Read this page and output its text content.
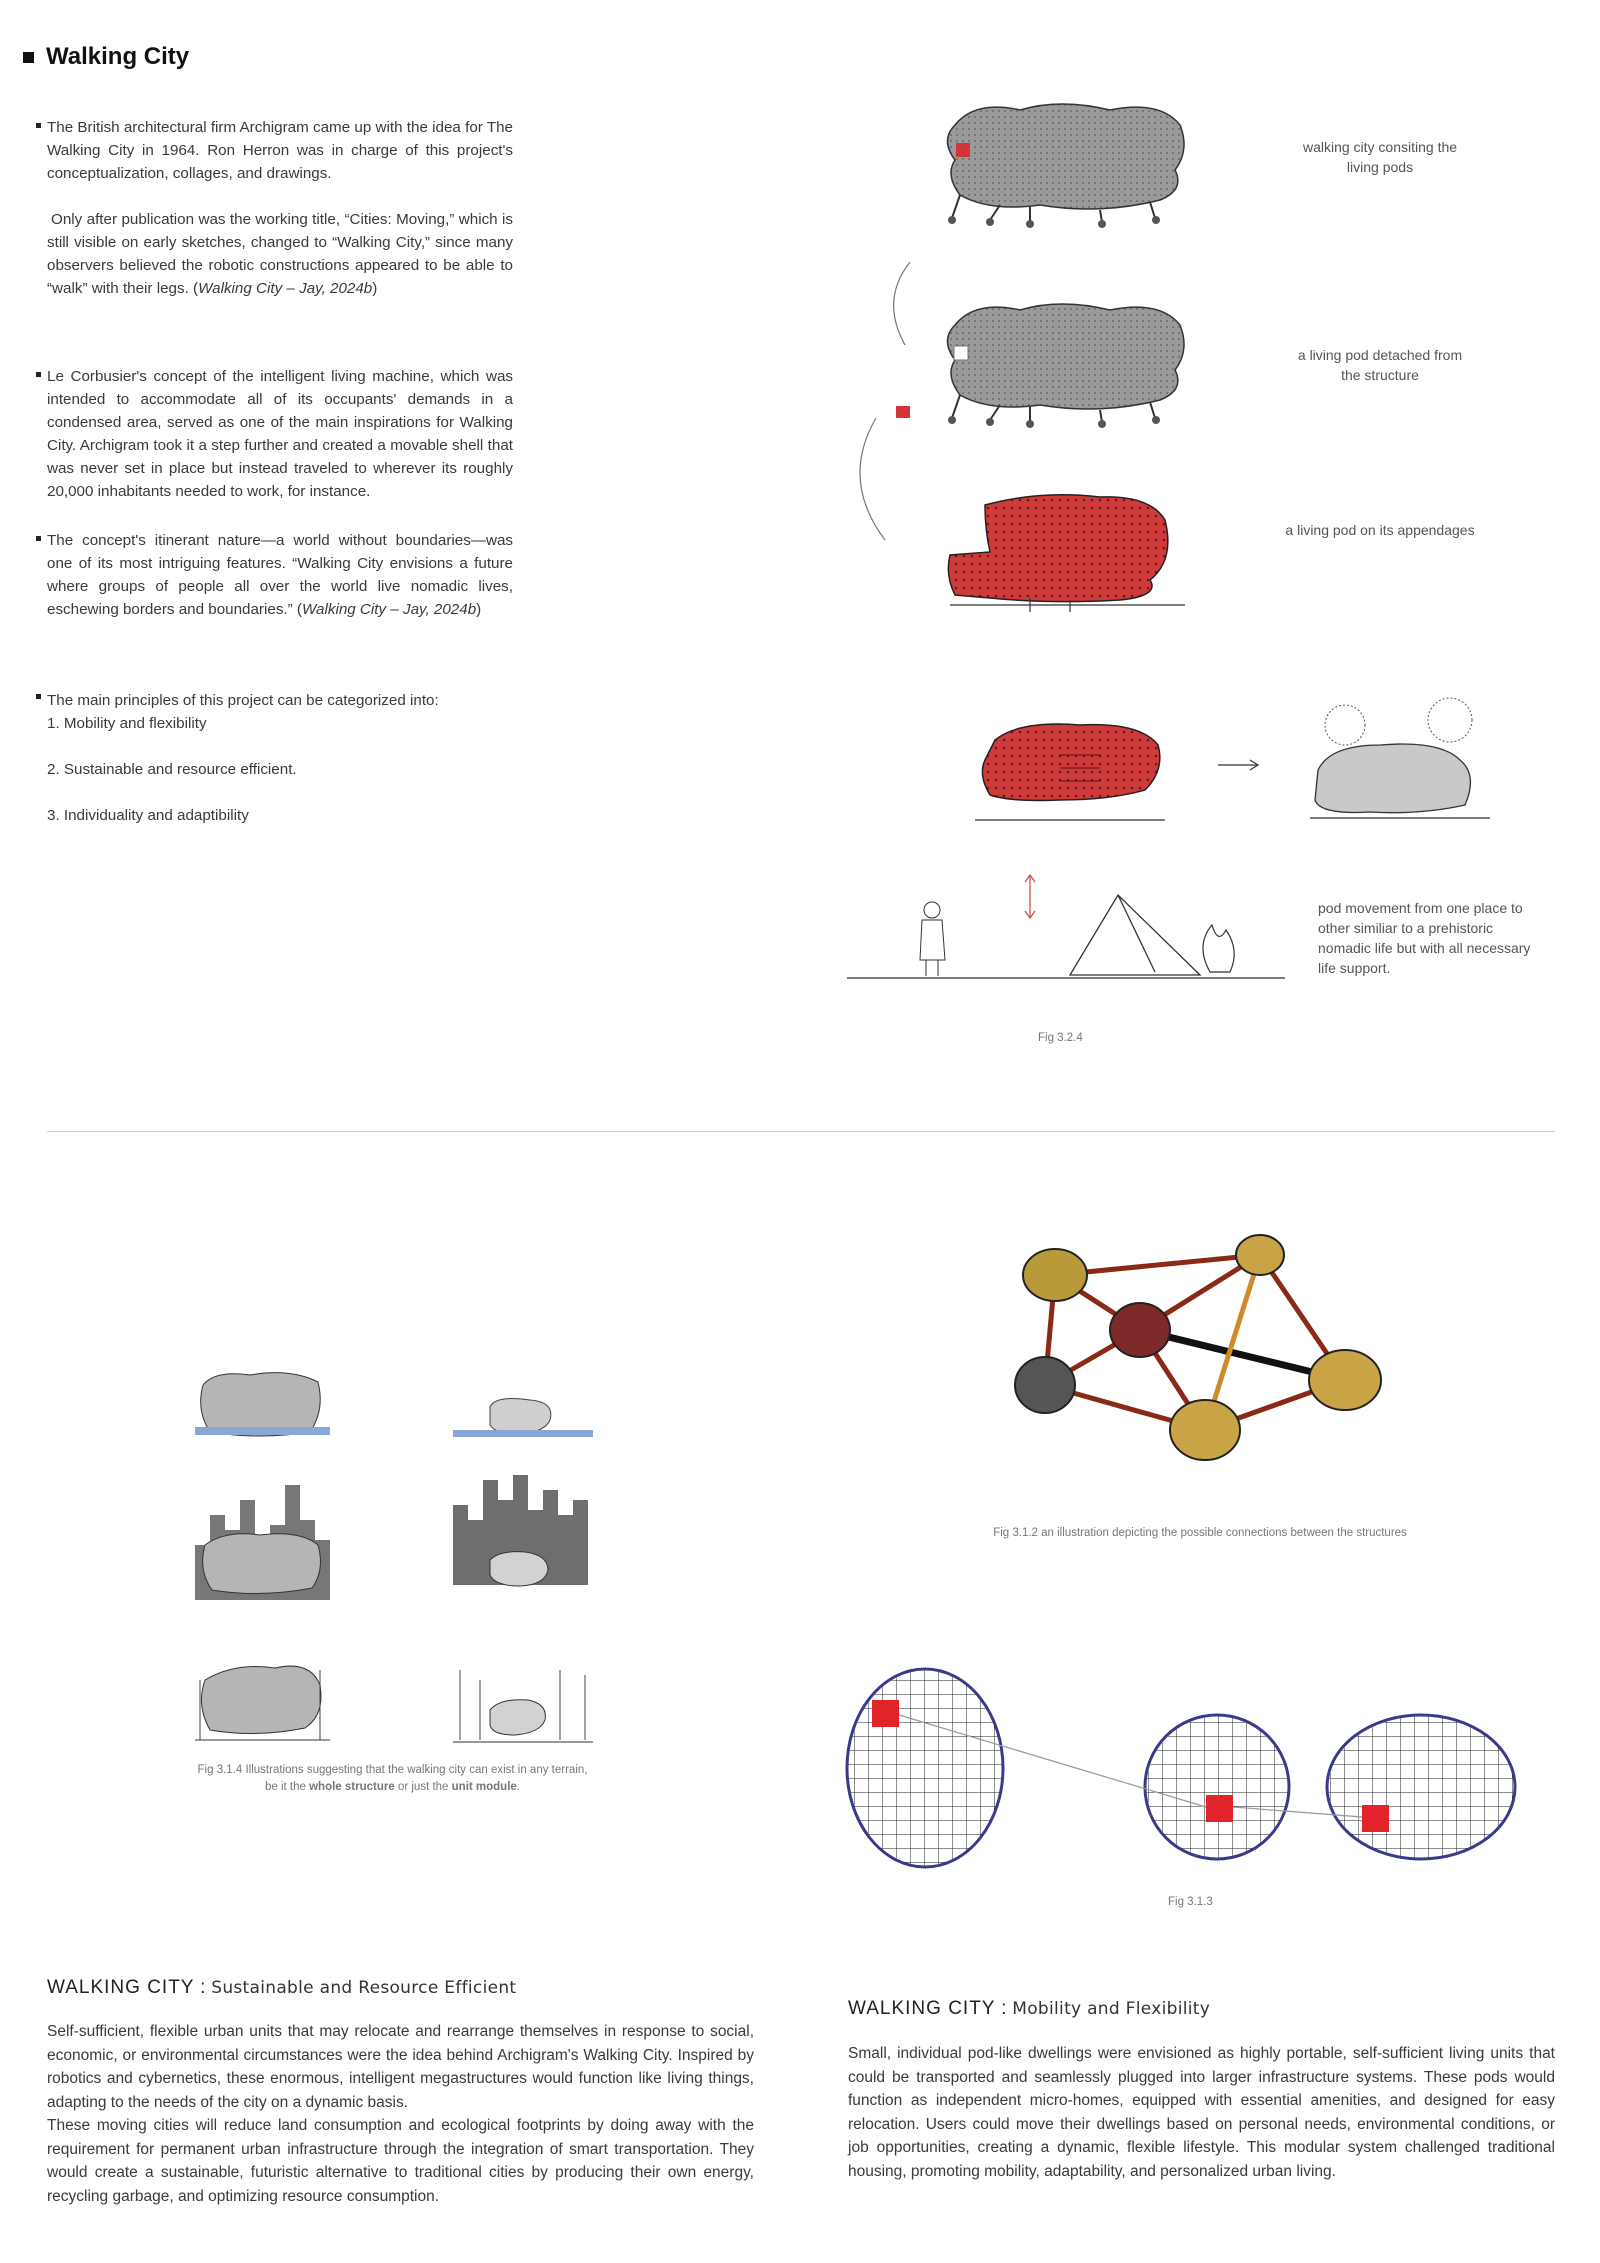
Walking City
The British architectural firm Archigram came up with the idea for The Walking City in 1964. Ron Herron was in charge of this project's conceptualization, collages, and drawings.
Only after publication was the working title, “Cities: Moving,” which is still visible on early sketches, changed to “Walking City,” since many observers believed the robotic constructions appeared to be able to “walk” with their legs. (Walking City – Jay, 2024b)
Le Corbusier's concept of the intelligent living machine, which was intended to accommodate all of its occupants' demands in a condensed area, served as one of the main inspirations for Walking City. Archigram took it a step further and created a movable shell that was never set in place but instead traveled to wherever its roughly 20,000 inhabitants needed to work, for instance.
The concept's itinerant nature—a world without boundaries—was one of its most intriguing features. “Walking City envisions a future where groups of people all over the world live nomadic lives, eschewing borders and boundaries.” (Walking City – Jay, 2024b)
The main principles of this project can be categorized into:
1. Mobility and flexibility
2. Sustainable and resource efficient.
3. Individuality and adaptibility
walking city consiting the living pods
a living pod detached from the structure
a living pod on its appendages
pod movement from one place to other similiar to a prehistoric nomadic life but with all necessary life support.
Fig 3.2.4
Fig 3.1.2 an illustration depicting the possible connections between the structures
Fig 3.1.4 Illustrations suggesting that the walking city can exist in any terrain, be it the whole structure or just the unit module.
Fig 3.1.3
WALKING CITY : Sustainable and Resource Efficient
Self-sufficient, flexible urban units that may relocate and rearrange themselves in response to social, economic, or environmental circumstances were the idea behind Archigram's Walking City. Inspired by robotics and cybernetics, these enormous, intelligent megastructures would function like living things, adapting to the needs of the city on a dynamic basis.
These moving cities will reduce land consumption and ecological footprints by doing away with the requirement for permanent urban infrastructure through the integration of smart transportation. They would create a sustainable, futuristic alternative to traditional cities by producing their own energy, recycling garbage, and optimizing resource consumption.
WALKING CITY : Mobility and Flexibility
Small, individual pod-like dwellings were envisioned as highly portable, self-sufficient living units that could be transported and seamlessly plugged into larger infrastructure systems. These pods would function as independent micro-homes, equipped with essential amenities, and designed for easy relocation. Users could move their dwellings based on personal needs, environmental conditions, or job opportunities, creating a dynamic, flexible lifestyle. This modular system challenged traditional housing, promoting mobility, adaptability, and personalized urban living.
